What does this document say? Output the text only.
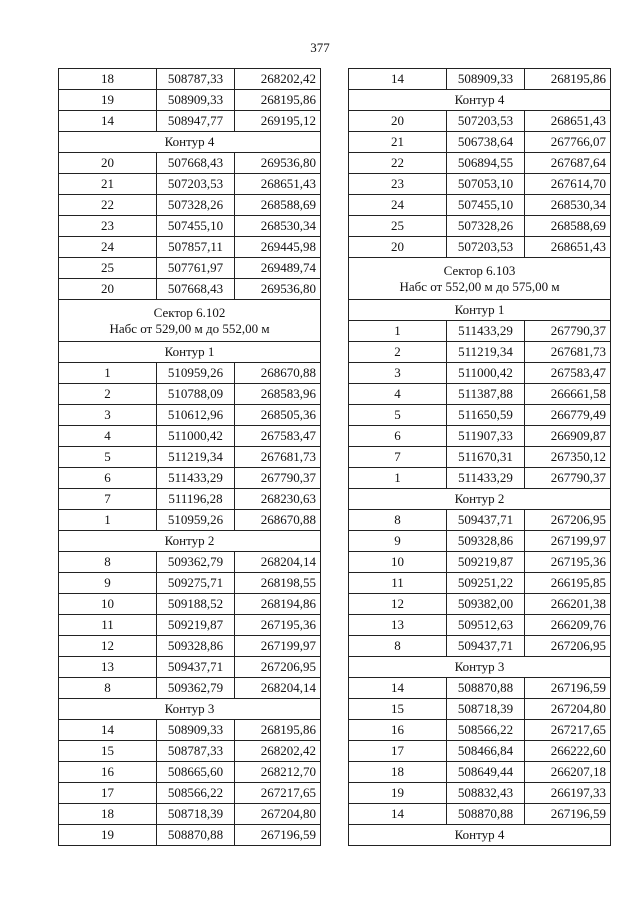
377
18	508787,33	268202,42
19	508909,33	268195,86
14	508947,77	269195,12
Контур 4		
20	507668,43	269536,80
21	507203,53	268651,43
22	507328,26	268588,69
23	507455,10	268530,34
24	507857,11	269445,98
25	507761,97	269489,74
20	507668,43	269536,80

Сектор 6.102
Набс от 529,00 м до 552,00 м		

Контур 1		
1	510959,26	268670,88
2	510788,09	268583,96
3	510612,96	268505,36
4	511000,42	267583,47
5	511219,34	267681,73
6	511433,29	267790,37
7	511196,28	268230,63
1	510959,26	268670,88
Контур 2		
8	509362,79	268204,14
9	509275,71	268198,55
10	509188,52	268194,86
11	509219,87	267195,36
12	509328,86	267199,97
13	509437,71	267206,95
8	509362,79	268204,14
Контур 3		
14	508909,33	268195,86
15	508787,33	268202,42
16	508665,60	268212,70
17	508566,22	267217,65
18	508718,39	267204,80
19	508870,88	267196,59
14	508909,33	268195,86
Контур 4		
20	507203,53	268651,43
21	506738,64	267766,07
22	506894,55	267687,64
23	507053,10	267614,70
24	507455,10	268530,34
25	507328,26	268588,69
20	507203,53	268651,43

Сектор 6.103
Набс от 552,00 м до 575,00 м		

Контур 1		
1	511433,29	267790,37
2	511219,34	267681,73
3	511000,42	267583,47
4	511387,88	266661,58
5	511650,59	266779,49
6	511907,33	266909,87
7	511670,31	267350,12
1	511433,29	267790,37
Контур 2		
8	509437,71	267206,95
9	509328,86	267199,97
10	509219,87	267195,36
11	509251,22	266195,85
12	509382,00	266201,38
13	509512,63	266209,76
8	509437,71	267206,95
Контур 3		
14	508870,88	267196,59
15	508718,39	267204,80
16	508566,22	267217,65
17	508466,84	266222,60
18	508649,44	266207,18
19	508832,43	266197,33
14	508870,88	267196,59
Контур 4		
